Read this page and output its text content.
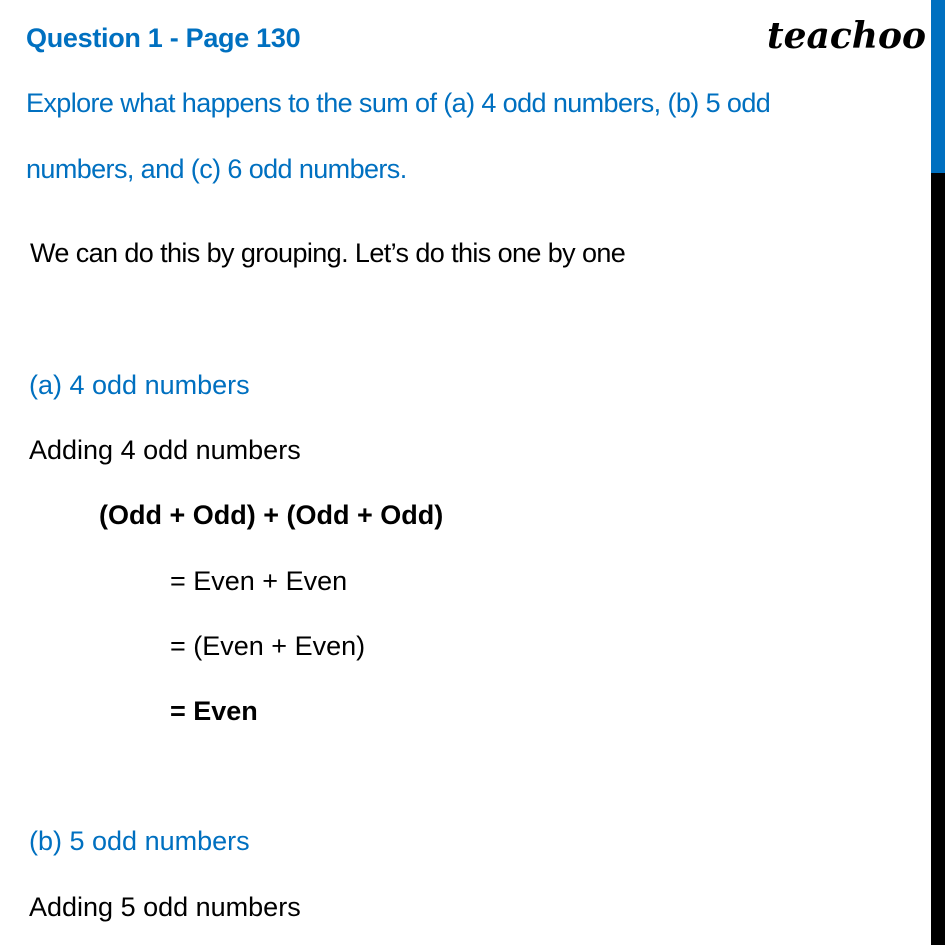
Question 1 - Page 130	teachoo
Explore what happens to the sum of (a) 4 odd numbers, (b) 5 odd
numbers, and (c) 6 odd numbers.
We can do this by grouping. Let’s do this one by one
(a) 4 odd numbers
Adding 4 odd numbers
(Odd + Odd) + (Odd + Odd)
= Even + Even
= (Even + Even)
= Even
(b) 5 odd numbers
Adding 5 odd numbers
